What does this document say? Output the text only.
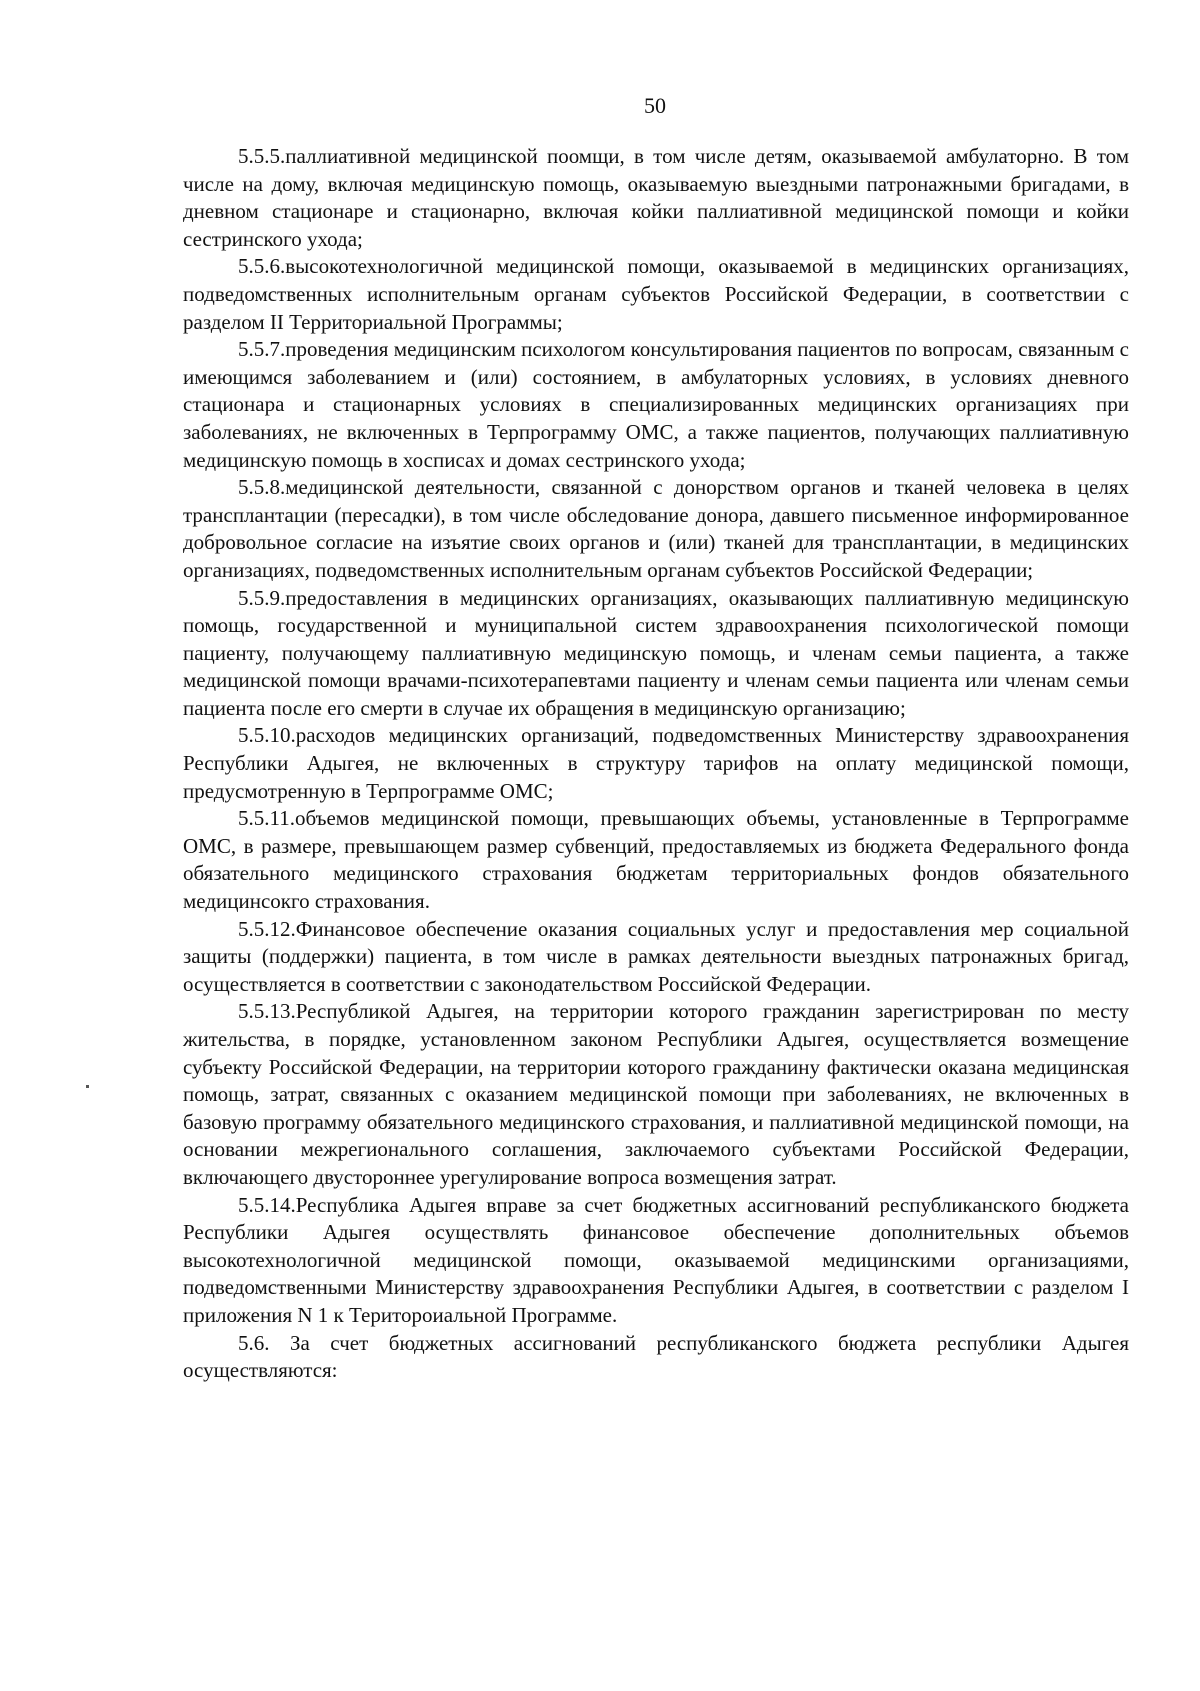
50

5.5.5.паллиативной медицинской поомщи, в том числе детям, оказываемой амбулаторно. В том числе на дому, включая медицинскую помощь, оказываемую выездными патронажными бригадами, в дневном стационаре и стационарно, включая койки паллиативной медицинской помощи и койки сестринского ухода;

5.5.6.высокотехнологичной медицинской помощи, оказываемой в медицинских организациях, подведомственных исполнительным органам субъектов Российской Федерации, в соответствии с разделом II Территориальной Программы;

5.5.7.проведения медицинским психологом консультирования пациентов по вопросам, связанным с имеющимся заболеванием и (или) состоянием, в амбулаторных условиях, в условиях дневного стационара и стационарных условиях в специализированных медицинских организациях при заболеваниях, не включенных в Терпрограмму ОМС, а также пациентов, получающих паллиативную медицинскую помощь в хосписах и домах сестринского ухода;

5.5.8.медицинской деятельности, связанной с донорством органов и тканей человека в целях трансплантации (пересадки), в том числе обследование донора, давшего письменное информированное добровольное согласие на изъятие своих органов и (или) тканей для трансплантации, в медицинских организациях, подведомственных исполнительным органам субъектов Российской Федерации;

5.5.9.предоставления в медицинских организациях, оказывающих паллиативную медицинскую помощь, государственной и муниципальной систем здравоохранения психологической помощи пациенту, получающему паллиативную медицинскую помощь, и членам семьи пациента, а также медицинской помощи врачами-психотерапевтами пациенту и членам семьи пациента или членам семьи пациента после его смерти в случае их обращения в медицинскую организацию;

5.5.10.расходов медицинских организаций, подведомственных Министерству здравоохранения Республики Адыгея, не включенных в структуру тарифов на оплату медицинской помощи, предусмотренную в Терпрограмме ОМС;

5.5.11.объемов медицинской помощи, превышающих объемы, установленные в Терпрограмме ОМС, в размере, превышающем размер субвенций, предоставляемых из бюджета Федерального фонда обязательного медицинского страхования бюджетам территориальных фондов обязательного медицинсокго страхования.

5.5.12.Финансовое обеспечение оказания социальных услуг и предоставления мер социальной защиты (поддержки) пациента, в том числе в рамках деятельности выездных патронажных бригад, осуществляется в соответствии с законодательством Российской Федерации.

5.5.13.Республикой Адыгея, на территории которого гражданин зарегистрирован по месту жительства, в порядке, установленном законом Республики Адыгея, осуществляется возмещение субъекту Российской Федерации, на территории которого гражданину фактически оказана медицинская помощь, затрат, связанных с оказанием медицинской помощи при заболеваниях, не включенных в базовую программу обязательного медицинского страхования, и паллиативной медицинской помощи, на основании межрегионального соглашения, заключаемого субъектами Российской Федерации, включающего двустороннее урегулирование вопроса возмещения затрат.

5.5.14.Республика Адыгея вправе за счет бюджетных ассигнований республиканского бюджета Республики Адыгея осуществлять финансовое обеспечение дополнительных объемов высокотехнологичной медицинской помощи, оказываемой медицинскими организациями, подведомственными Министерству здравоохранения Республики Адыгея, в соответствии с разделом I приложения N 1 к Територоиальной Программе.

5.6. За счет бюджетных ассигнований республиканского бюджета республики Адыгея осуществляются:
